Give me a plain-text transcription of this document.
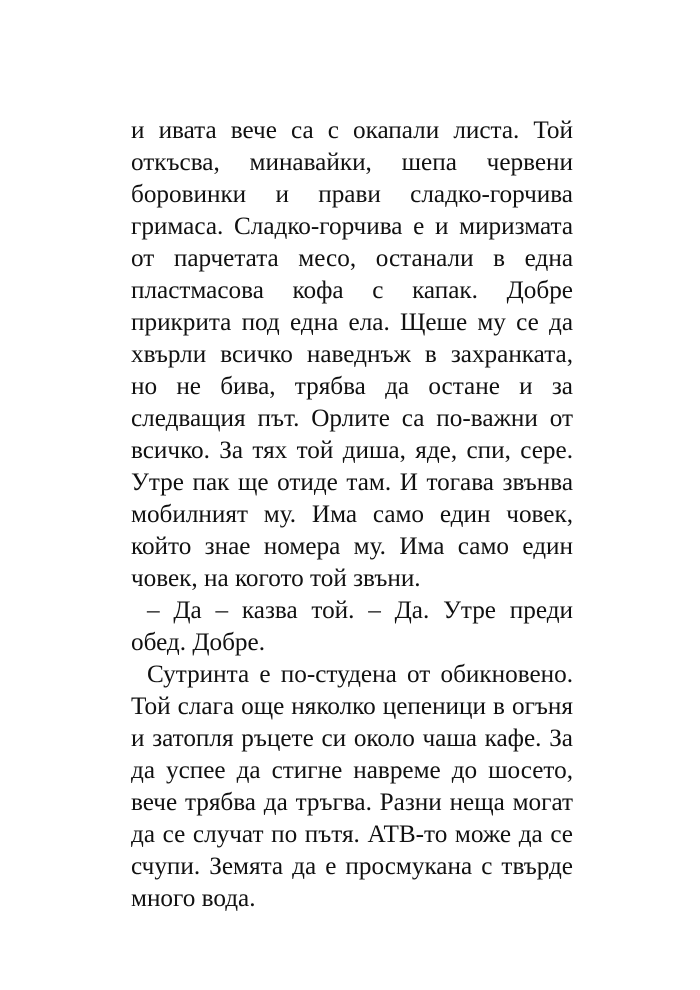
и ивата вече са с окапали листа. Той откъсва, минавайки, шепа червени боровинки и прави сладко-горчива гримаса. Сладко-горчива е и миризмата от парчетата месо, останали в една пластмасова кофа с капак. Добре прикрита под една ела. Щеше му се да хвърли всичко наведнъж в захранката, но не бива, трябва да остане и за следващия път. Орлите са по-важни от всичко. За тях той диша, яде, спи, сере. Утре пак ще отиде там. И тогава звънва мобилният му. Има само един човек, който знае номера му. Има само един човек, на когото той звъни.

– Да – казва той. – Да. Утре преди обед. Добре.

Сутринта е по-студена от обикновено. Той слага още няколко цепеници в огъня и затопля ръцете си около чаша кафе. За да успее да стигне навреме до шосето, вече трябва да тръгва. Разни неща могат да се случат по пътя. АТВ-то може да се счупи. Земята да е просмукана с твърде много вода.
